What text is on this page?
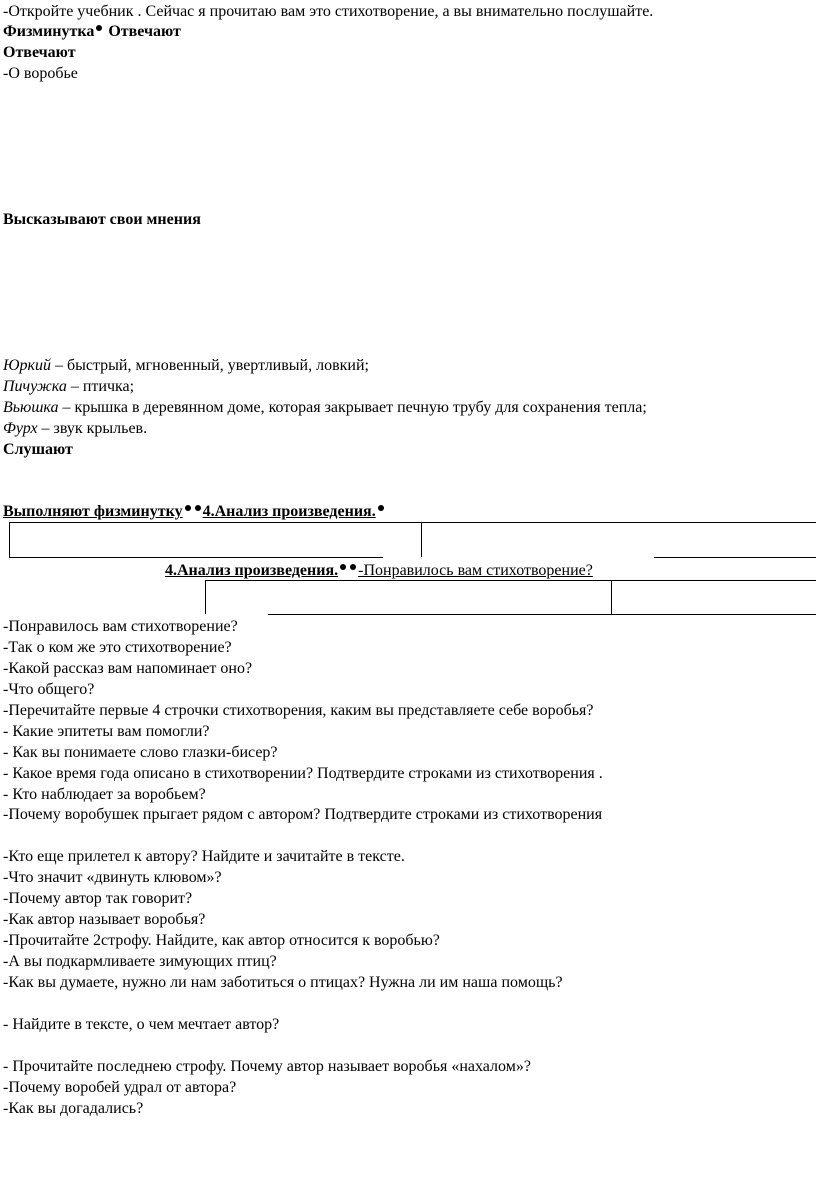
-Откройте учебник . Сейчас я прочитаю вам это стихотворение, а вы внимательно послушайте.
Физминутка Отвечают
Отвечают
-О воробье
Высказывают свои мнения
Юркий – быстрый, мгновенный, увертливый, ловкий;
Пичужка – птичка;
Вьюшка – крышка в деревянном доме, которая закрывает печную трубу для сохранения тепла;
Фурх – звук крыльев.
Слушают
Выполняют физминутку 4.Анализ произведения.
4.Анализ произведения. -Понравилось вам стихотворение?
-Понравилось вам стихотворение?
-Так о ком же это стихотворение?
-Какой рассказ вам напоминает оно?
-Что общего?
-Перечитайте первые 4 строчки стихотворения, каким вы представляете себе воробья?
- Какие эпитеты вам помогли?
- Как вы понимаете слово глазки-бисер?
- Какое время года описано в стихотворении? Подтвердите строками из стихотворения .
- Кто наблюдает за воробьем?
-Почему воробушек прыгает рядом с автором? Подтвердите строками из стихотворения
-Кто еще прилетел к автору? Найдите и зачитайте в тексте.
-Что значит «двинуть клювом»?
-Почему автор так говорит?
-Как автор называет воробья?
-Прочитайте 2строфу. Найдите, как автор относится к воробью?
-А вы подкармливаете зимующих птиц?
-Как вы думаете, нужно ли нам заботиться о птицах? Нужна ли им наша помощь?
- Найдите в тексте, о чем мечтает автор?
- Прочитайте последнею строфу. Почему автор называет воробья «нахалом»?
-Почему воробей удрал от автора?
-Как вы догадались?
